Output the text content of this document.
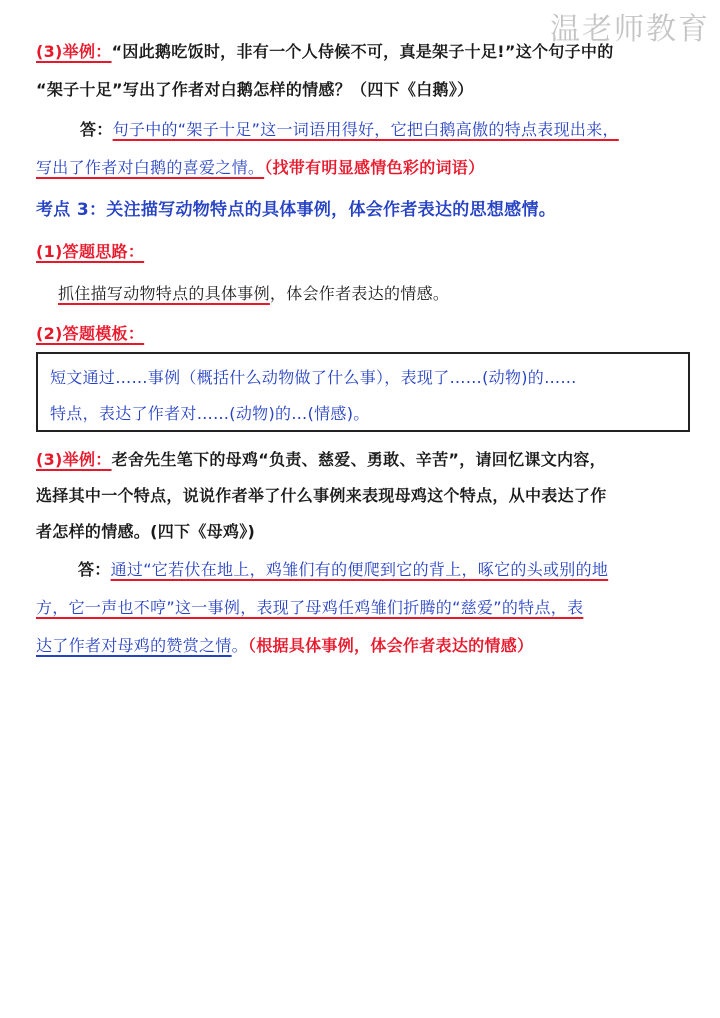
温老师教育
(3)举例：“因此鹅吃饭时，非有一个人侍候不可，真是架子十足!”这个句子中的
“架子十足”写出了作者对白鹅怎样的情感？（四下《白鹅》）
答：句子中的“架子十足”这一词语用得好，它把白鹅高傲的特点表现出来，
写出了作者对白鹅的喜爱之情。（找带有明显感情色彩的词语）
考点 3：关注描写动物特点的具体事例，体会作者表达的思想感情。
(1)答题思路：
抓住描写动物特点的具体事例，体会作者表达的情感。
(2)答题模板：
短文通过……事例（概括什么动物做了什么事），表现了……(动物)的……
特点，表达了作者对……(动物)的…(情感)。
(3)举例：老舍先生笔下的母鸡“负责、慈爱、勇敢、辛苦”，请回忆课文内容，
选择其中一个特点，说说作者举了什么事例来表现母鸡这个特点，从中表达了作
者怎样的情感。(四下《母鸡》)
答：通过“它若伏在地上，鸡雏们有的便爬到它的背上，啄它的头或别的地
方，它一声也不哼”这一事例，表现了母鸡任鸡雏们折腾的“慈爱”的特点，表
达了作者对母鸡的赞赏之情。（根据具体事例，体会作者表达的情感）
